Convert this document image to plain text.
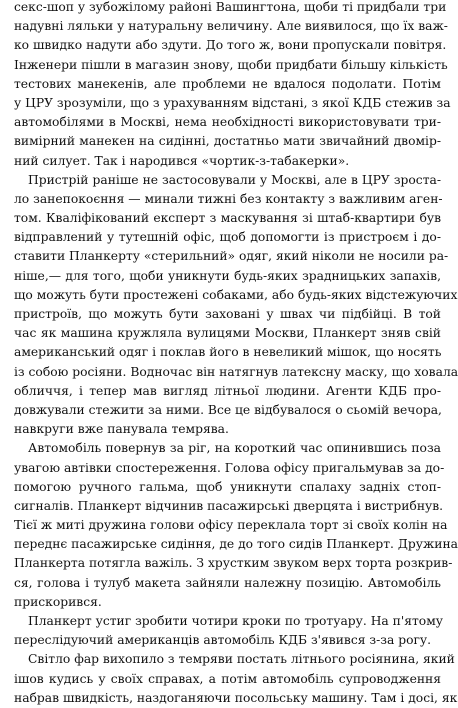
секс-шоп у зубожілому районі Вашингтона, щоби ті придбали три
надувні ляльки у натуральну величину. Але виявилося, що їх важ-
ко швидко надути або здути. До того ж, вони пропускали повітря.
Інженери пішли в магазин знову, щоби придбати більшу кількість
тестових манекенів, але проблеми не вдалося подолати. Потім
у ЦРУ зрозуміли, що з урахуванням відстані, з якої КДБ стежив за
автомобілями в Москві, нема необхідності використовувати три-
вимірний манекен на сидінні, достатньо мати звичайний двомір-
ний силует. Так і народився «чортик-з-табакерки».
Пристрій раніше не застосовували у Москві, але в ЦРУ зроста-
ло занепокоєння — минали тижні без контакту з важливим аген-
том. Кваліфікований експерт з маскування зі штаб-квартири був
відправлений у тутешній офіс, щоб допомогти із пристроєм і до-
ставити Планкерту «стерильний» одяг, який ніколи не носили ра-
ніше,— для того, щоби уникнути будь-яких зрадницьких запахів,
що можуть бути простежені собаками, або будь-яких відстежуючих
пристроїв, що можуть бути заховані у швах чи підбійці. В той
час як машина кружляла вулицями Москви, Планкерт зняв свій
американський одяг і поклав його в невеликий мішок, що носять
із собою росіяни. Водночас він натягнув латексну маску, що ховала
обличчя, і тепер мав вигляд літньої людини. Агенти КДБ про-
довжували стежити за ними. Все це відбувалося о сьомій вечора,
навкруги вже панувала темрява.
Автомобіль повернув за ріг, на короткий час опинившись поза
увагою автівки спостереження. Голова офісу пригальмував за до-
помогою ручного гальма, щоб уникнути спалаху задніх стоп-
сигналів. Планкерт відчинив пасажирські дверцята і вистрибнув.
Тієї ж миті дружина голови офісу переклала торт зі своїх колін на
переднє пасажирське сидіння, де до того сидів Планкерт. Дружина
Планкерта потягла важіль. З хрустким звуком верх торта розкрив-
ся, голова і тулуб макета зайняли належну позицію. Автомобіль
прискорився.
Планкерт устиг зробити чотири кроки по тротуару. На п'ятому
переслідуючий американців автомобіль КДБ з'явився з-за рогу.
Світло фар вихопило з темряви постать літнього росіянина, який
ішов кудись у своїх справах, а потім автомобіль супроводження
набрав швидкість, наздоганяючи посольську машину. Там і досі, як
